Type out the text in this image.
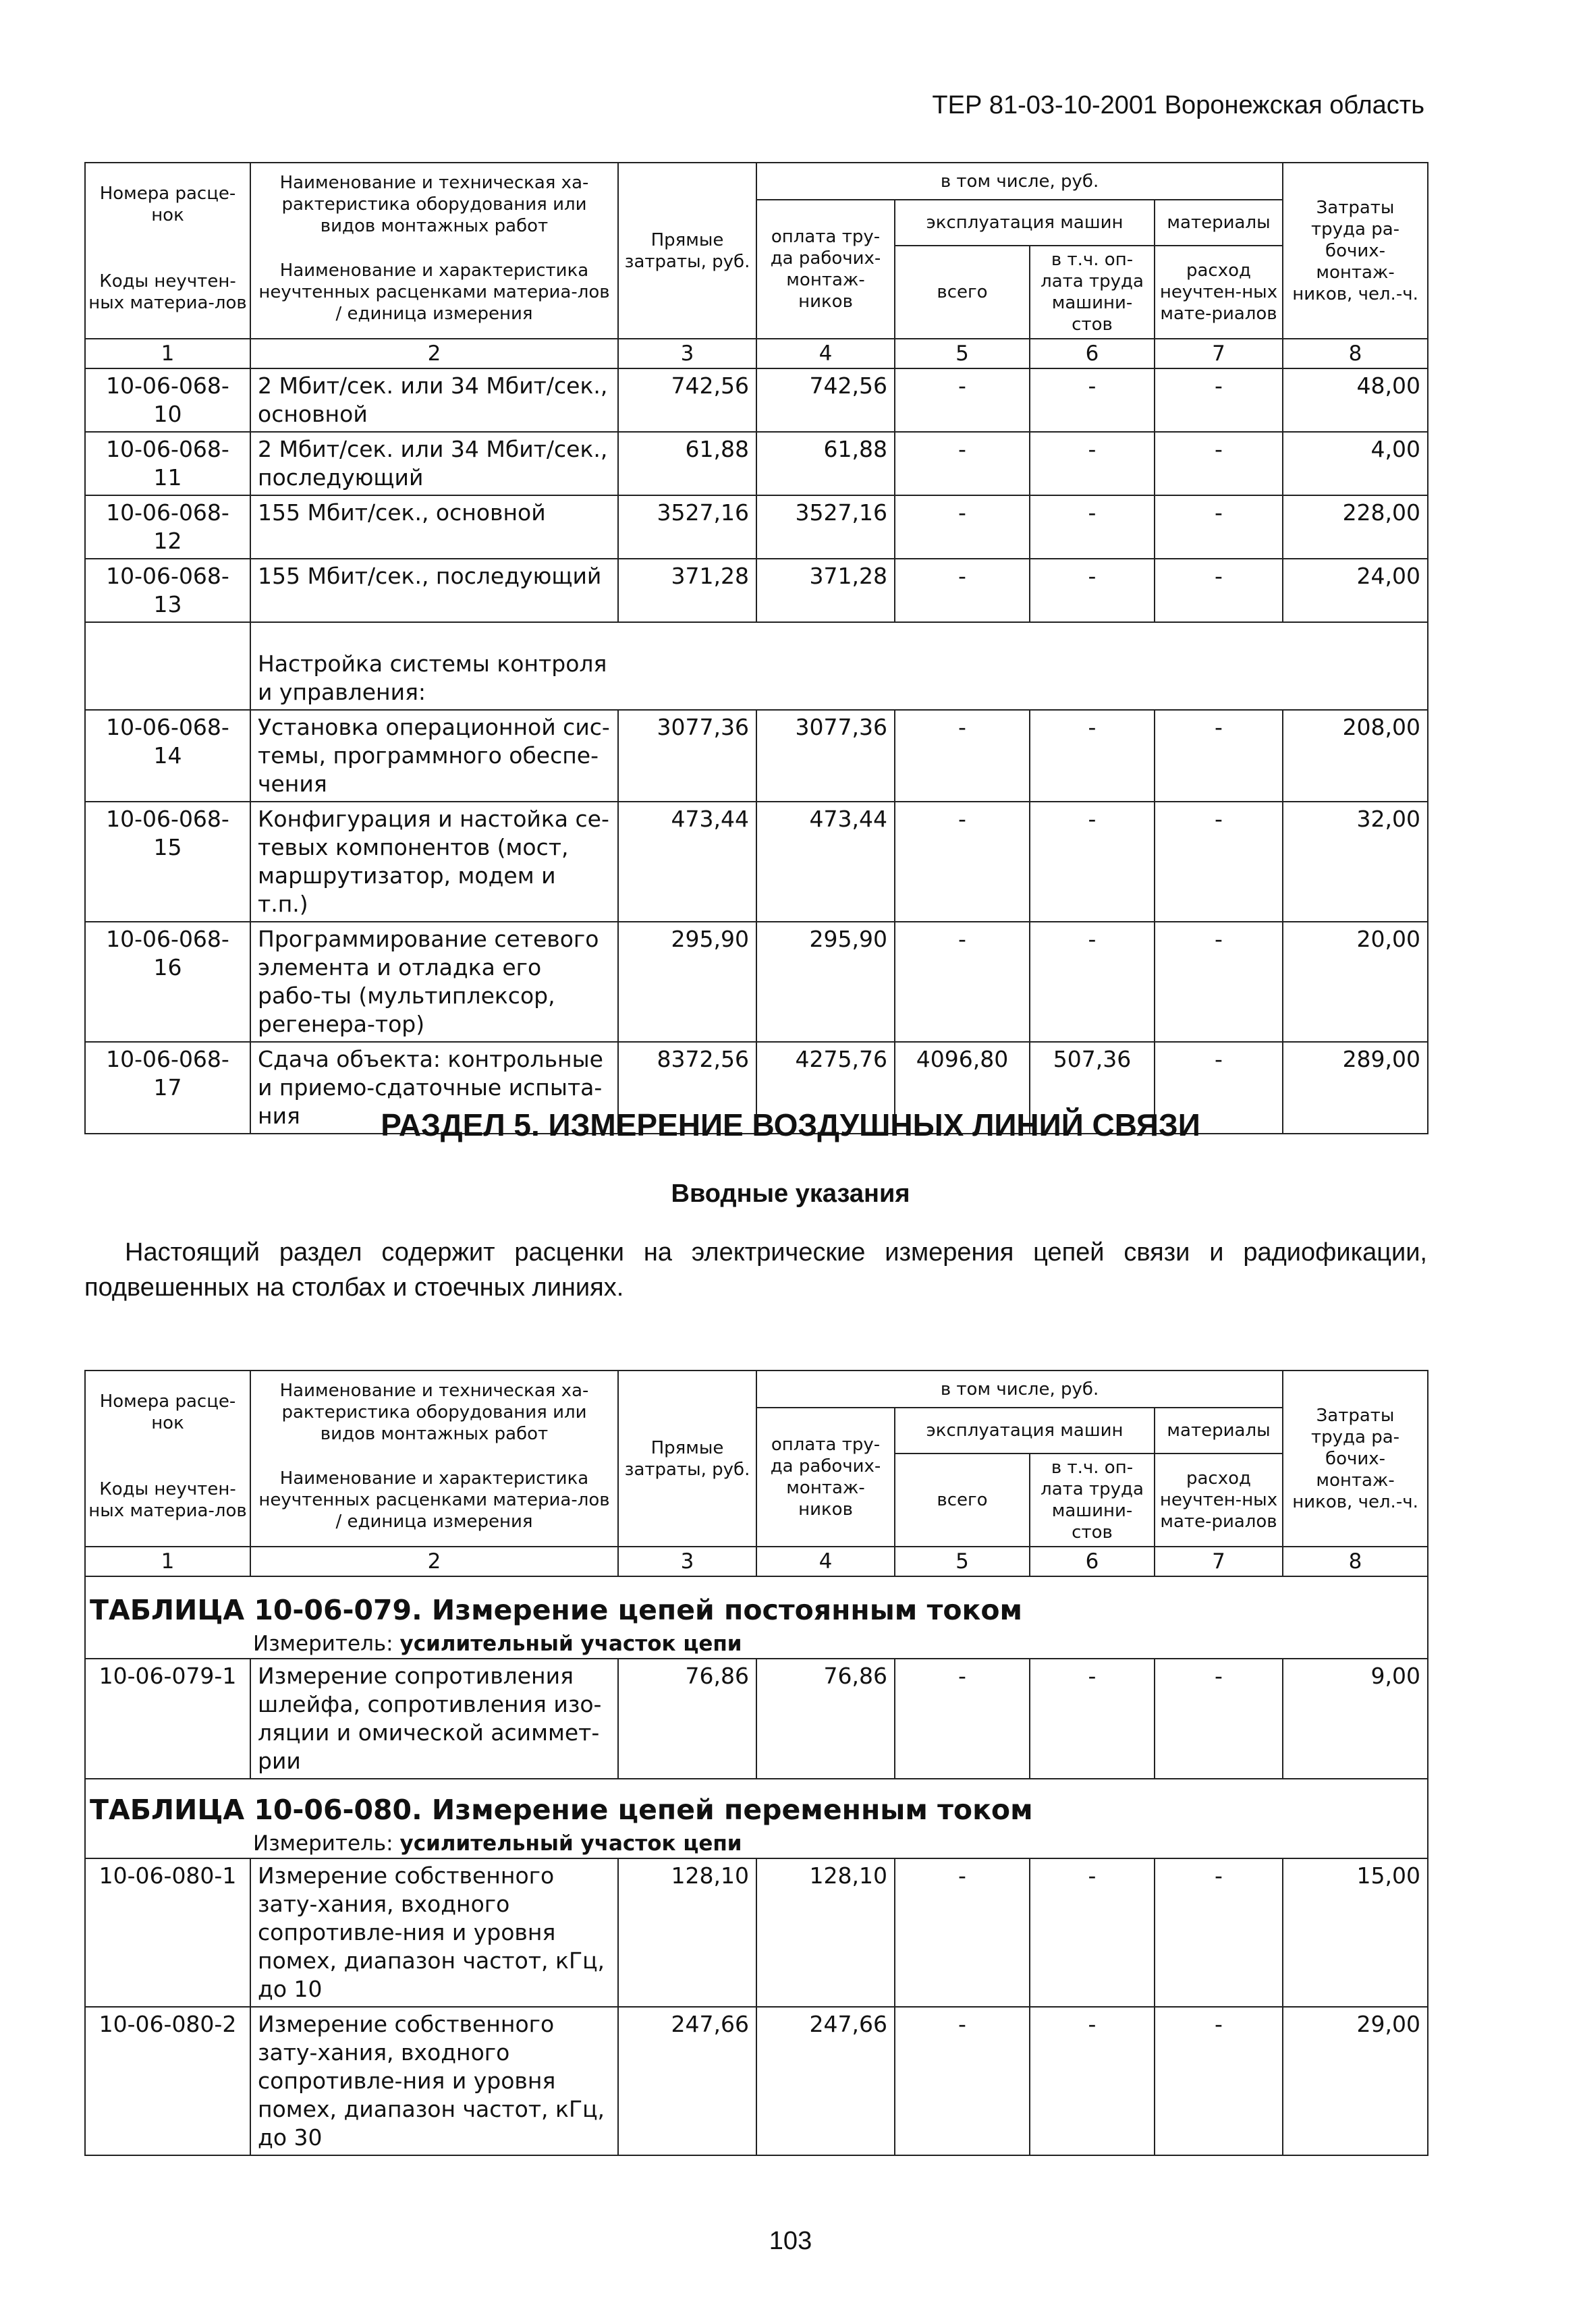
ТЕР 81-03-10-2001 Воронежская область
Номера расце-нок	Наименование и техническая ха-рактеристика оборудования или видов монтажных работ	Прямые затраты, руб.	в том числе, руб.				Затраты труда ра-бочих-монтаж-ников, чел.-ч.
			оплата тру-да рабочих-монтаж-ников	эксплуатация машин		материалы	
Коды неучтен-ных материа-лов	Наименование и характеристика неучтенных расценками материа-лов / единица измерения			всего	в т.ч. оп-лата труда машини-стов	расход неучтен-ных мате-риалов	

1	2	3	4	5	6	7	8
10-06-068-10	2 Мбит/сек. или 34 Мбит/сек., основной	742,56	742,56	-	-	-	48,00
10-06-068-11	2 Мбит/сек. или 34 Мбит/сек., последующий	61,88	61,88	-	-	-	4,00
10-06-068-12	155 Мбит/сек., основной	3527,16	3527,16	-	-	-	228,00
10-06-068-13	155 Мбит/сек., последующий	371,28	371,28	-	-	-	24,00
	Настройка системы контроля и управления:						
10-06-068-14	Установка операционной сис-темы, программного обеспе-чения	3077,36	3077,36	-	-	-	208,00
10-06-068-15	Конфигурация и настойка се-тевых компонентов (мост, маршрутизатор, модем и т.п.)	473,44	473,44	-	-	-	32,00
10-06-068-16	Программирование сетевого элемента и отладка его рабо-ты (мультиплексор, регенера-тор)	295,90	295,90	-	-	-	20,00
10-06-068-17	Сдача объекта: контрольные и приемо-сдаточные испыта-ния	8372,56	4275,76	4096,80	507,36	-	289,00
РАЗДЕЛ 5. ИЗМЕРЕНИЕ ВОЗДУШНЫХ ЛИНИЙ СВЯЗИ
Вводные указания
Настоящий раздел содержит расценки на электрические измерения цепей связи и радиофикации, подвешенных на столбах и стоечных линиях.
Номера расце-нок	Наименование и техническая ха-рактеристика оборудования или видов монтажных работ	Прямые затраты, руб.	в том числе, руб.				Затраты труда ра-бочих-монтаж-ников, чел.-ч.
			оплата тру-да рабочих-монтаж-ников	эксплуатация машин		материалы	
Коды неучтен-ных материа-лов	Наименование и характеристика неучтенных расценками материа-лов / единица измерения			всего	в т.ч. оп-лата труда машини-стов	расход неучтен-ных мате-риалов	

1	2	3	4	5	6	7	8
ТАБЛИЦА 10-06-079. Измерение цепей постоянным током							
Измеритель: усилительный участок цепи							
10-06-079-1	Измерение сопротивления шлейфа, сопротивления изо-ляции и омической асиммет-рии	76,86	76,86	-	-	-	9,00
ТАБЛИЦА 10-06-080. Измерение цепей переменным током							
Измеритель: усилительный участок цепи							
10-06-080-1	Измерение собственного зату-хания, входного сопротивле-ния и уровня помех, диапазон частот, кГц, до 10	128,10	128,10	-	-	-	15,00
10-06-080-2	Измерение собственного зату-хания, входного сопротивле-ния и уровня помех, диапазон частот, кГц, до 30	247,66	247,66	-	-	-	29,00
103
